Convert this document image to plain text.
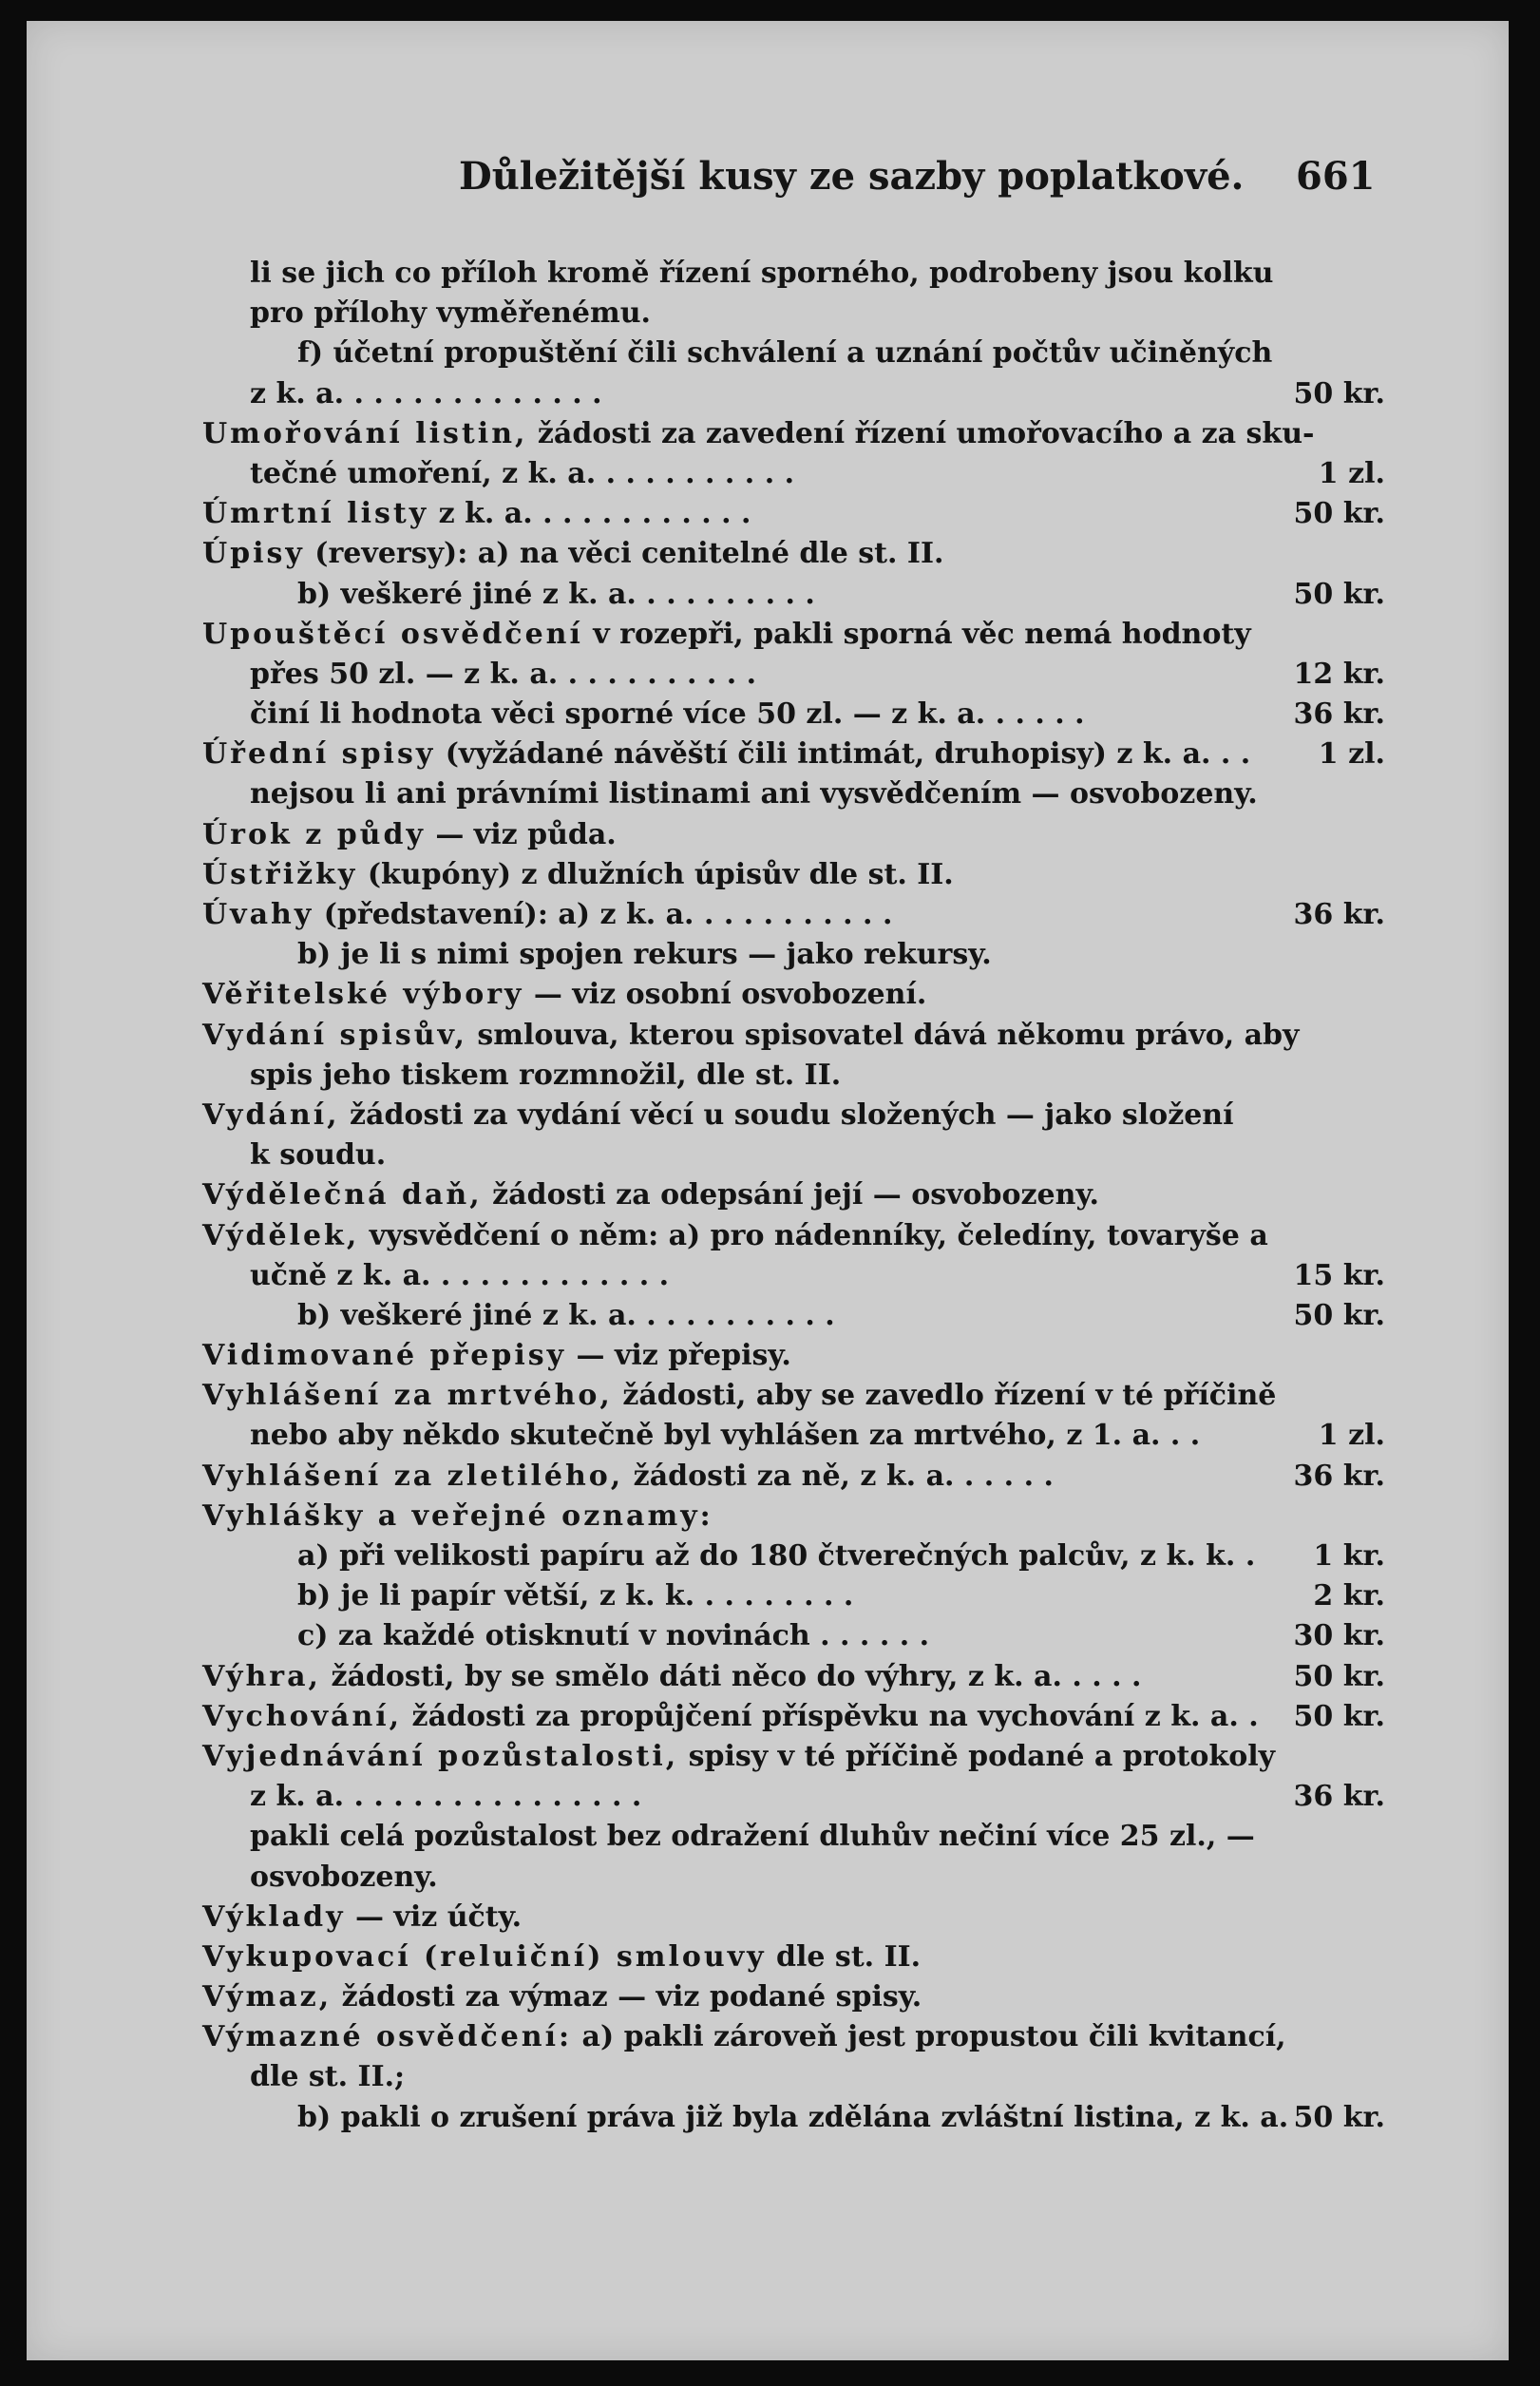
Důležitější kusy ze sazby poplatkové. 661
li se jich co příloh kromě řízení sporného, podrobeny jsou kolku
pro přílohy vyměřenému.
f) účetní propuštění čili schválení a uznání počtův učiněných
z k. a. . . . . . . . . . . . . .	50 kr.
Umořování listin, žádosti za zavedení řízení umořovacího a za sku-
tečné umoření, z k. a. . . . . . . . . . .	1 zl.
Úmrtní listy z k. a. . . . . . . . . . . .	50 kr.
Úpisy (reversy): a) na věci cenitelné dle st. II.
b) veškeré jiné z k. a. . . . . . . . . .	50 kr.
Upouštěcí osvědčení v rozepři, pakli sporná věc nemá hodnoty
přes 50 zl. — z k. a. . . . . . . . . . .	12 kr.
činí li hodnota věci sporné více 50 zl. — z k. a. . . . . .	36 kr.
Úřední spisy (vyžádané návěští čili intimát, druhopisy) z k. a. . . 1 zl.
nejsou li ani právními listinami ani vysvědčením — osvobozeny.
Úrok z půdy — viz půda.
Ústřižky (kupóny) z dlužních úpisův dle st. II.
Úvahy (představení): a) z k. a. . . . . . . . . . .	36 kr.
b) je li s nimi spojen rekurs — jako rekursy.
Věřitelské výbory — viz osobní osvobození.
Vydání spisův, smlouva, kterou spisovatel dává někomu právo, aby
spis jeho tiskem rozmnožil, dle st. II.
Vydání, žádosti za vydání věcí u soudu složených — jako složení
k soudu.
Výdělečná daň, žádosti za odepsání její — osvobozeny.
Výdělek, vysvědčení o něm: a) pro nádenníky, čeledíny, tovaryše a
učně z k. a. . . . . . . . . . . . .	15 kr.
b) veškeré jiné z k. a. . . . . . . . . . .	50 kr.
Vidimované přepisy — viz přepisy.
Vyhlášení za mrtvého, žádosti, aby se zavedlo řízení v té příčině
nebo aby někdo skutečně byl vyhlášen za mrtvého, z 1. a. . .	1 zl.
Vyhlášení za zletilého, žádosti za ně, z k. a. . . . . .	36 kr.
Vyhlášky a veřejné oznamy:
a) při velikosti papíru až do 180 čtverečných palcův, z k. k. . 1 kr.
b) je li papír větší, z k. k. . . . . . . . .	2 kr.
c) za každé otisknutí v novinách . . . . . .	30 kr.
Výhra, žádosti, by se smělo dáti něco do výhry, z k. a. . . . .	50 kr.
Vychování, žádosti za propůjčení příspěvku na vychování z k. a. . 50 kr.
Vyjednávání pozůstalosti, spisy v té příčině podané a protokoly
z k. a. . . . . . . . . . . . . . . .	36 kr.
pakli celá pozůstalost bez odražení dluhův nečiní více 25 zl., —
osvobozeny.
Výklady — viz účty.
Vykupovací (reluiční) smlouvy dle st. II.
Výmaz, žádosti za výmaz — viz podané spisy.
Výmazné osvědčení: a) pakli zároveň jest propustou čili kvitancí,
dle st. II.;
b) pakli o zrušení práva již byla zdělána zvláštní listina, z k. a. 50 kr.
